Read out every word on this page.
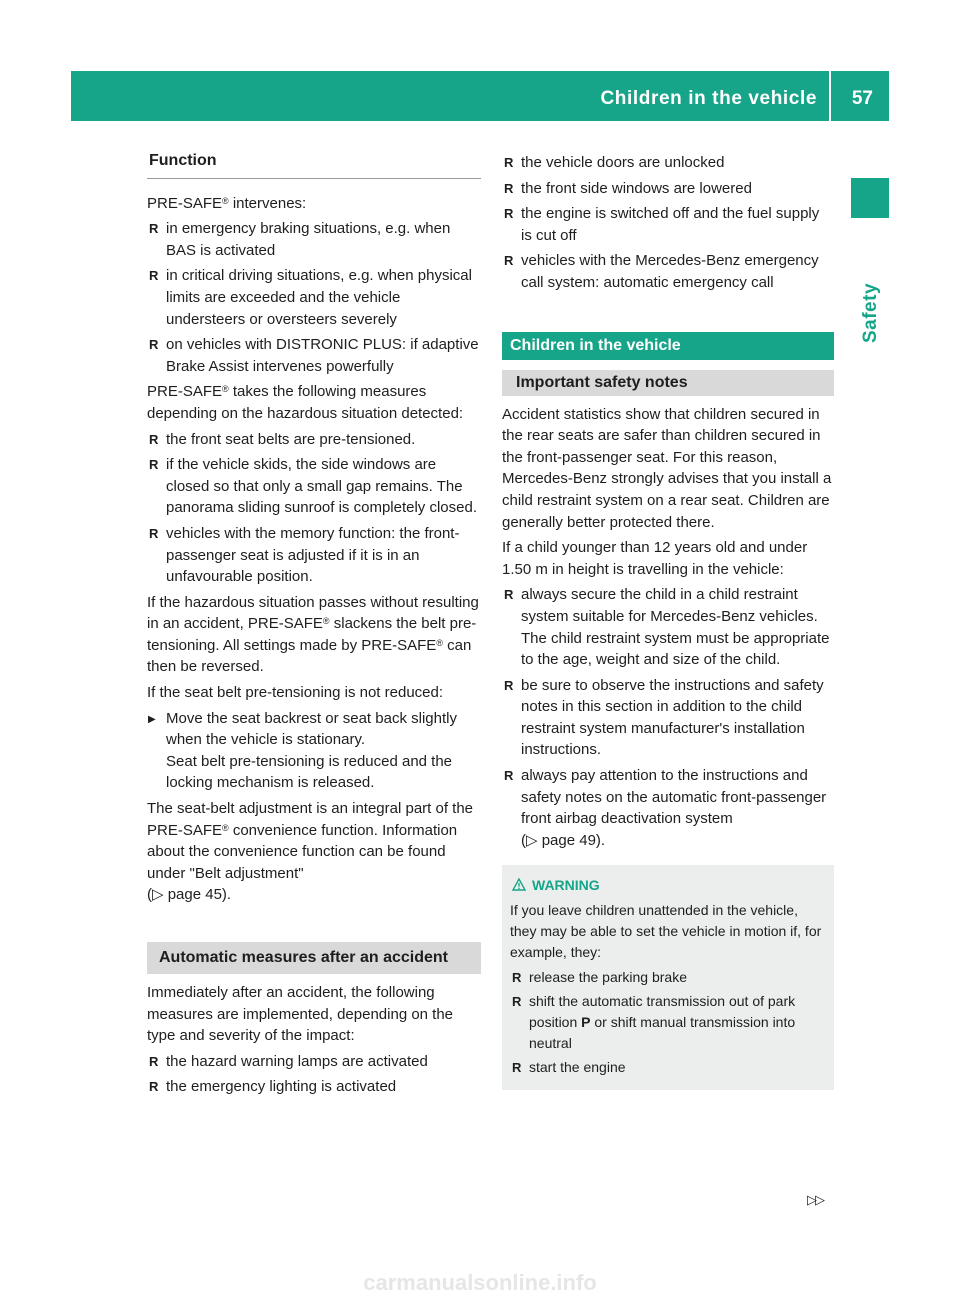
Children in the vehicle 57
Safety
Function

PRE-SAFE® intervenes:

R in emergency braking situations, e.g. when BAS is activated
R in critical driving situations, e.g. when physical limits are exceeded and the vehicle understeers or oversteers severely
R on vehicles with DISTRONIC PLUS: if adaptive Brake Assist intervenes powerfully

PRE-SAFE® takes the following measures depending on the hazardous situation detected:

R the front seat belts are pre-tensioned.
R if the vehicle skids, the side windows are closed so that only a small gap remains. The panorama sliding sunroof is completely closed.
R vehicles with the memory function: the front-passenger seat is adjusted if it is in an unfavourable position.

If the hazardous situation passes without resulting in an accident, PRE-SAFE® slackens the belt pre-tensioning. All settings made by PRE-SAFE® can then be reversed.

If the seat belt pre-tensioning is not reduced:

▶ Move the seat backrest or seat back slightly when the vehicle is stationary.
Seat belt pre-tensioning is reduced and the locking mechanism is released.

The seat-belt adjustment is an integral part of the PRE-SAFE® convenience function. Information about the convenience function can be found under "Belt adjustment"
(▷ page 45).

Automatic measures after an accident

Immediately after an accident, the following measures are implemented, depending on the type and severity of the impact:

R the hazard warning lamps are activated
R the emergency lighting is activated
R the vehicle doors are unlocked
R the front side windows are lowered
R the engine is switched off and the fuel supply is cut off
R vehicles with the Mercedes-Benz emergency call system: automatic emergency call
Children in the vehicle
Important safety notes

Accident statistics show that children secured in the rear seats are safer than children secured in the front-passenger seat. For this reason, Mercedes-Benz strongly advises that you install a child restraint system on a rear seat. Children are generally better protected there.

If a child younger than 12 years old and under 1.50 m in height is travelling in the vehicle:

R always secure the child in a child restraint system suitable for Mercedes-Benz vehicles. The child restraint system must be appropriate to the age, weight and size of the child.
R be sure to observe the instructions and safety notes in this section in addition to the child restraint system manufacturer's installation instructions.
R always pay attention to the instructions and safety notes on the automatic front-passenger front airbag deactivation system
(▷ page 49).
WARNING

If you leave children unattended in the vehicle, they may be able to set the vehicle in motion if, for example, they:

R release the parking brake
R shift the automatic transmission out of park position P or shift manual transmission into neutral
R start the engine
▷▷
carmanualsonline.info
